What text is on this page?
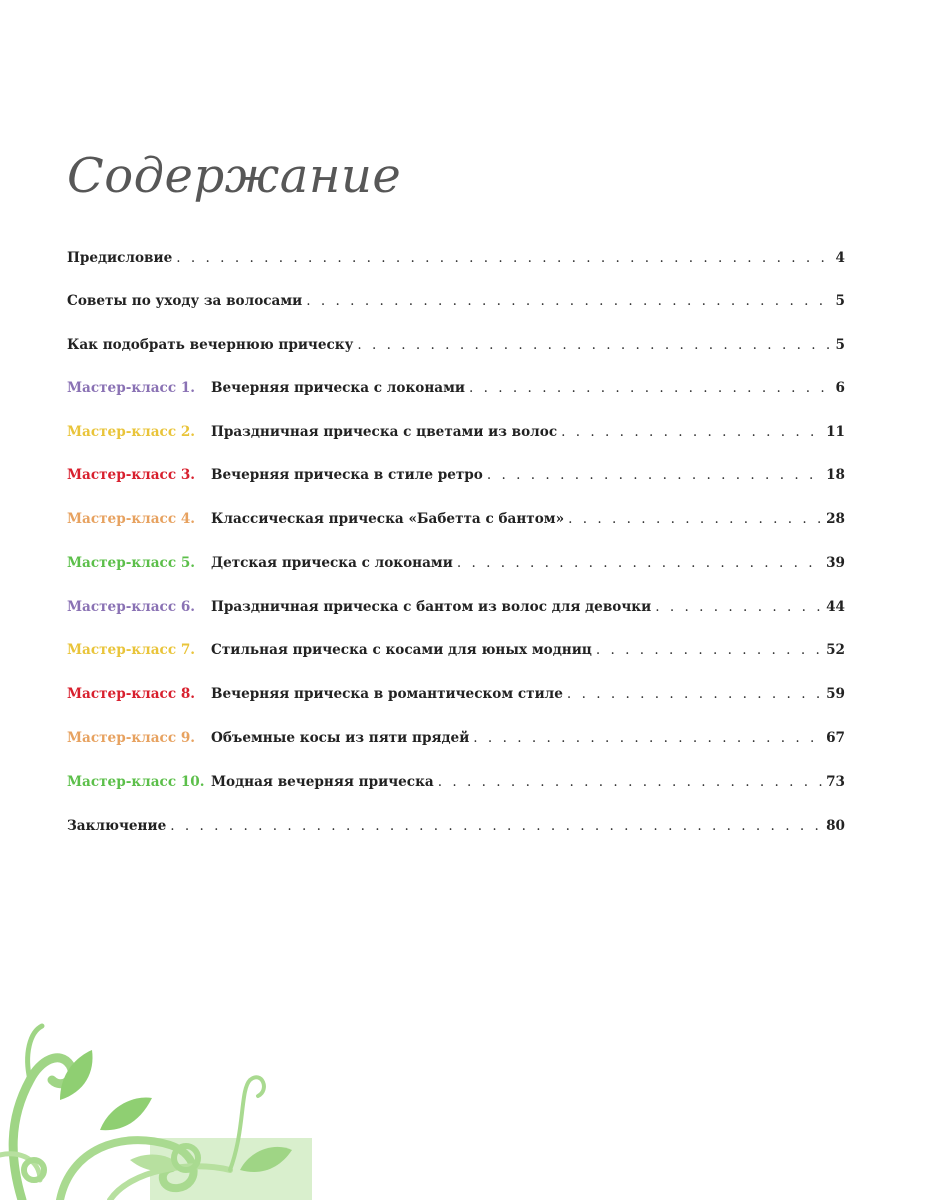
Содержание
Предисловие . . .	4
Советы по уходу за волосами . . .	5
Как подобрать вечернюю прическу . . .	5
Мастер-класс 1.	Вечерняя прическа с локонами . . .	6
Мастер-класс 2.	Праздничная прическа с цветами из волос . . .	11
Мастер-класс 3.	Вечерняя прическа в стиле ретро . . .	18
Мастер-класс 4.	Классическая прическа «Бабетта с бантом» . . .	28
Мастер-класс 5.	Детская прическа с локонами . . .	39
Мастер-класс 6.	Праздничная прическа с бантом из волос для девочки . . .	44
Мастер-класс 7.	Стильная прическа с косами для юных модниц . . .	52
Мастер-класс 8.	Вечерняя прическа в романтическом стиле . . .	59
Мастер-класс 9.	Объемные косы из пяти прядей . . .	67
Мастер-класс 10. Модная вечерняя прическа . . .	73
Заключение . . .	80
